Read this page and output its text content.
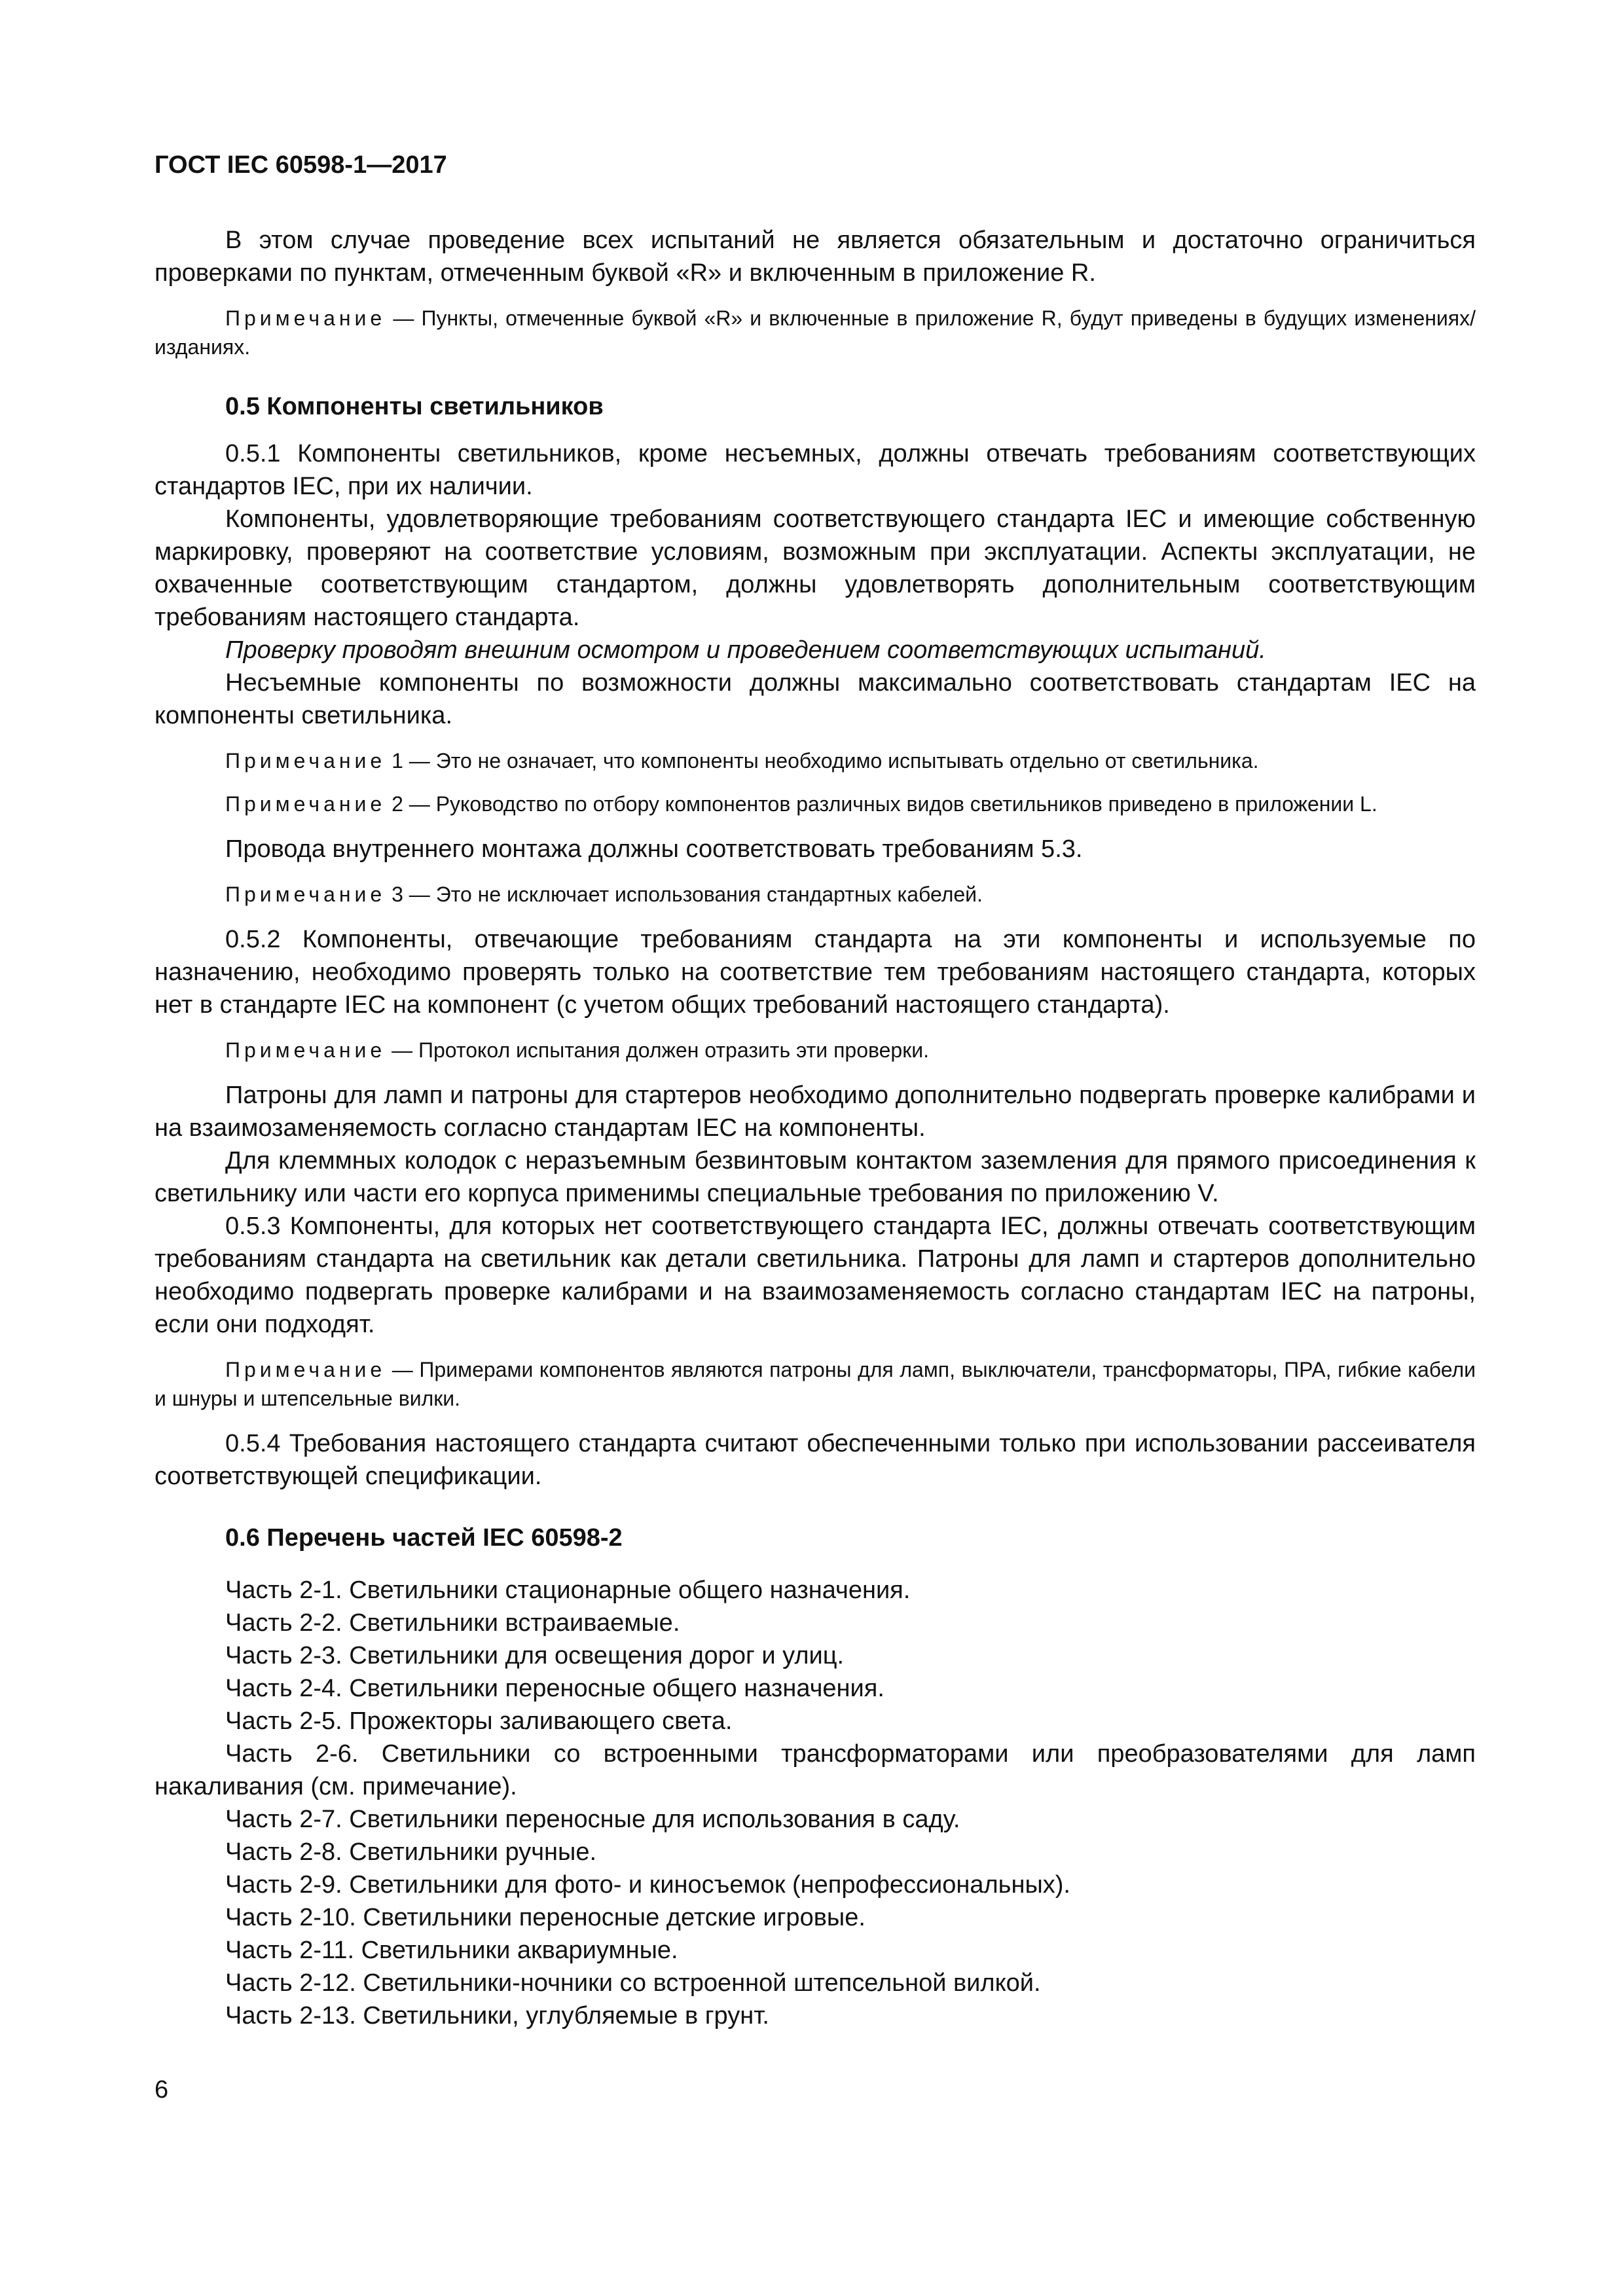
ГОСТ IEC 60598-1—2017

В этом случае проведение всех испытаний не является обязательным и достаточно ограничиться проверками по пунктам, отмеченным буквой «R» и включенным в приложение R.

Примечание — Пункты, отмеченные буквой «R» и включенные в приложение R, будут приведены в будущих изменениях/изданиях.
0.5 Компоненты светильников

0.5.1 Компоненты светильников, кроме несъемных, должны отвечать требованиям соответствующих стандартов IEC, при их наличии.

Компоненты, удовлетворяющие требованиям соответствующего стандарта IEC и имеющие собственную маркировку, проверяют на соответствие условиям, возможным при эксплуатации. Аспекты эксплуатации, не охваченные соответствующим стандартом, должны удовлетворять дополнительным соответствующим требованиям настоящего стандарта.

Проверку проводят внешним осмотром и проведением соответствующих испытаний.

Несъемные компоненты по возможности должны максимально соответствовать стандартам IEC на компоненты светильника.

Примечание 1 — Это не означает, что компоненты необходимо испытывать отдельно от светильника.
Примечание 2 — Руководство по отбору компонентов различных видов светильников приведено в приложении L.

Провода внутреннего монтажа должны соответствовать требованиям 5.3.

Примечание 3 — Это не исключает использования стандартных кабелей.

0.5.2 Компоненты, отвечающие требованиям стандарта на эти компоненты и используемые по назначению, необходимо проверять только на соответствие тем требованиям настоящего стандарта, которых нет в стандарте IEC на компонент (с учетом общих требований настоящего стандарта).

Примечание — Протокол испытания должен отразить эти проверки.

Патроны для ламп и патроны для стартеров необходимо дополнительно подвергать проверке калибрами и на взаимозаменяемость согласно стандартам IEC на компоненты.

Для клеммных колодок с неразъемным безвинтовым контактом заземления для прямого присоединения к светильнику или части его корпуса применимы специальные требования по приложению V.

0.5.3 Компоненты, для которых нет соответствующего стандарта IEC, должны отвечать соответствующим требованиям стандарта на светильник как детали светильника. Патроны для ламп и стартеров дополнительно необходимо подвергать проверке калибрами и на взаимозаменяемость согласно стандартам IEC на патроны, если они подходят.

Примечание — Примерами компонентов являются патроны для ламп, выключатели, трансформаторы, ПРА, гибкие кабели и шнуры и штепсельные вилки.

0.5.4 Требования настоящего стандарта считают обеспеченными только при использовании рассеивателя соответствующей спецификации.

0.6 Перечень частей IEC 60598-2

Часть 2-1. Светильники стационарные общего назначения.

Часть 2-2. Светильники встраиваемые.

Часть 2-3. Светильники для освещения дорог и улиц.

Часть 2-4. Светильники переносные общего назначения.

Часть 2-5. Прожекторы заливающего света.

Часть 2-6. Светильники со встроенными трансформаторами или преобразователями для ламп накаливания (см. примечание).

Часть 2-7. Светильники переносные для использования в саду.

Часть 2-8. Светильники ручные.

Часть 2-9. Светильники для фото- и киносъемок (непрофессиональных).

Часть 2-10. Светильники переносные детские игровые.

Часть 2-11. Светильники аквариумные.

Часть 2-12. Светильники-ночники со встроенной штепсельной вилкой.

Часть 2-13. Светильники, углубляемые в грунт.

6
